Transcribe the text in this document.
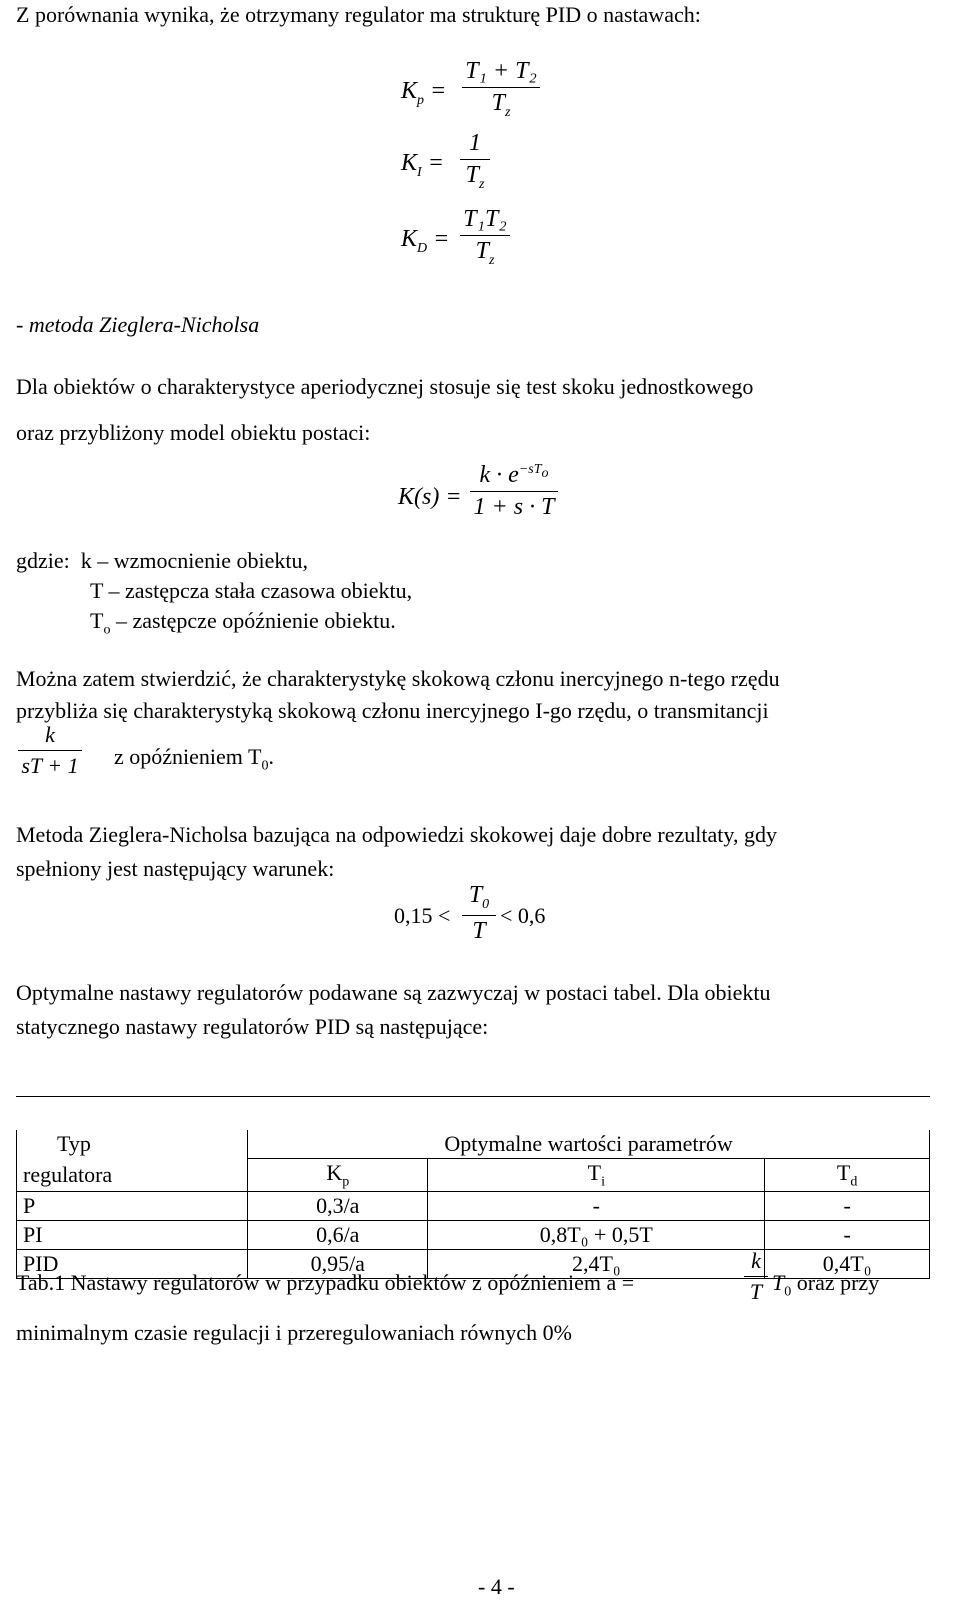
Z porównania wynika, że otrzymany regulator ma strukturę PID o nastawach:
$K_p$ =
T₁ + T₂
$T_z$
$K_I$ =
1
$T_z$
$K_D$ =
T₁T₂
$T_z$
- metoda Zieglera-Nicholsa
Dla obiektów o charakterystyce aperiodycznej stosuje się test skoku jednostkowego
oraz przybliżony model obiektu postaci:
K(s) =
$k \cdot e^{-sT_o}$
1 + s · T
gdzie: k – wzmocnienie obiektu,
T – zastępcza stała czasowa obiektu,
$T_o$ – zastępcze opóźnienie obiektu.
Można zatem stwierdzić, że charakterystykę skokową członu inercyjnego n-tego rzędu
przybliża się charakterystyką skokową członu inercyjnego I-go rzędu, o transmitancji
k
sT + 1 z opóźnieniem $T_0$.
Metoda Zieglera-Nicholsa bazująca na odpowiedzi skokowej daje dobre rezultaty, gdy
spełniony jest następujący warunek:
0,15 <
$T_0$
T
< 0,6
Optymalne nastawy regulatorów podawane są zazwyczaj w postaci tabel. Dla obiektu
statycznego nastawy regulatorów PID są następujące:
Typ	Optymalne wartości parametrów		
regulatora	$K_p$	$T_i$	$T_d$
P	0,3/a	-	-
PI	0,6/a	0,8T₀ + 0,5T	-
PID	0,95/a	2,4T₀	0,4T₀
Tab.1 Nastawy regulatorów w przypadku obiektów z opóźnieniem a =
k
T $T_0$ oraz przy
minimalnym czasie regulacji i przeregulowaniach równych 0%
- 4 -
